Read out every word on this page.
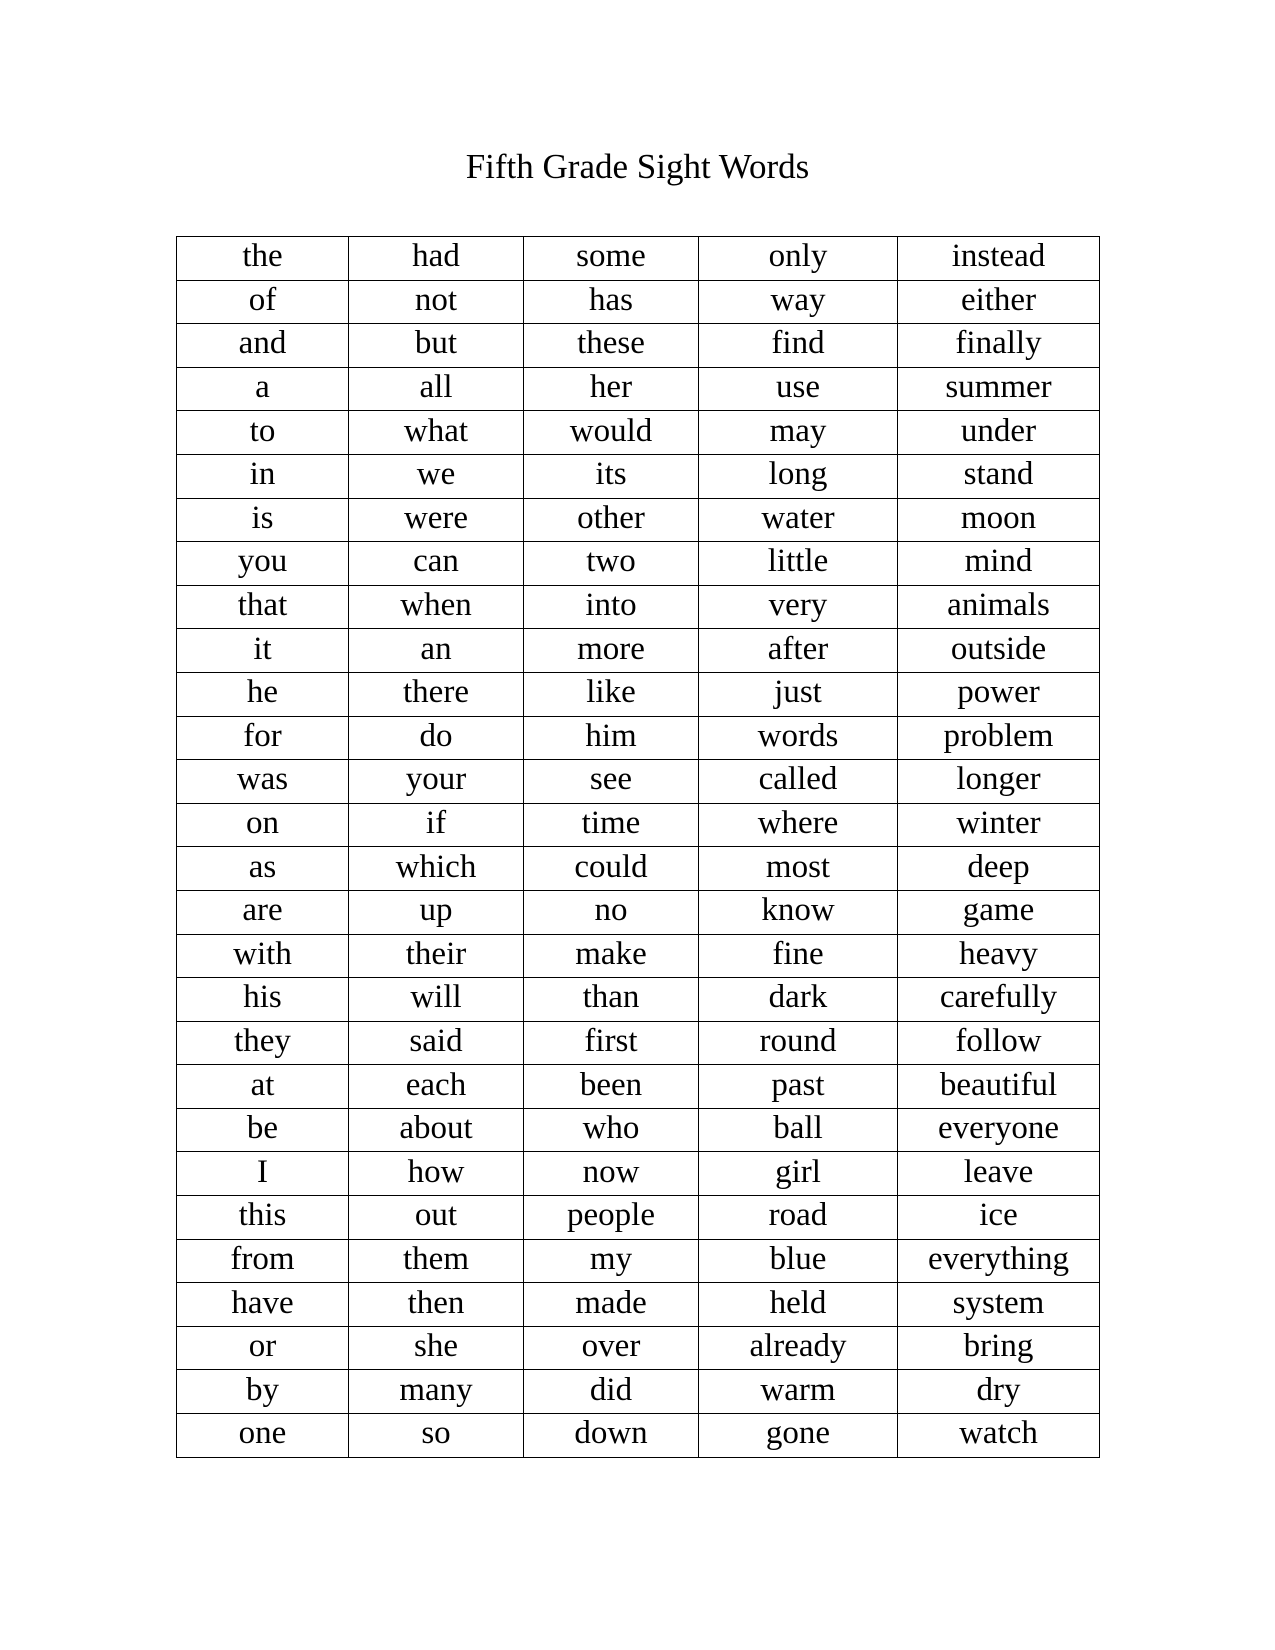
Fifth Grade Sight Words
the	had	some	only	instead
of	not	has	way	either
and	but	these	find	finally
a	all	her	use	summer
to	what	would	may	under
in	we	its	long	stand
is	were	other	water	moon
you	can	two	little	mind
that	when	into	very	animals
it	an	more	after	outside
he	there	like	just	power
for	do	him	words	problem
was	your	see	called	longer
on	if	time	where	winter
as	which	could	most	deep
are	up	no	know	game
with	their	make	fine	heavy
his	will	than	dark	carefully
they	said	first	round	follow
at	each	been	past	beautiful
be	about	who	ball	everyone
I	how	now	girl	leave
this	out	people	road	ice
from	them	my	blue	everything
have	then	made	held	system
or	she	over	already	bring
by	many	did	warm	dry
one	so	down	gone	watch
